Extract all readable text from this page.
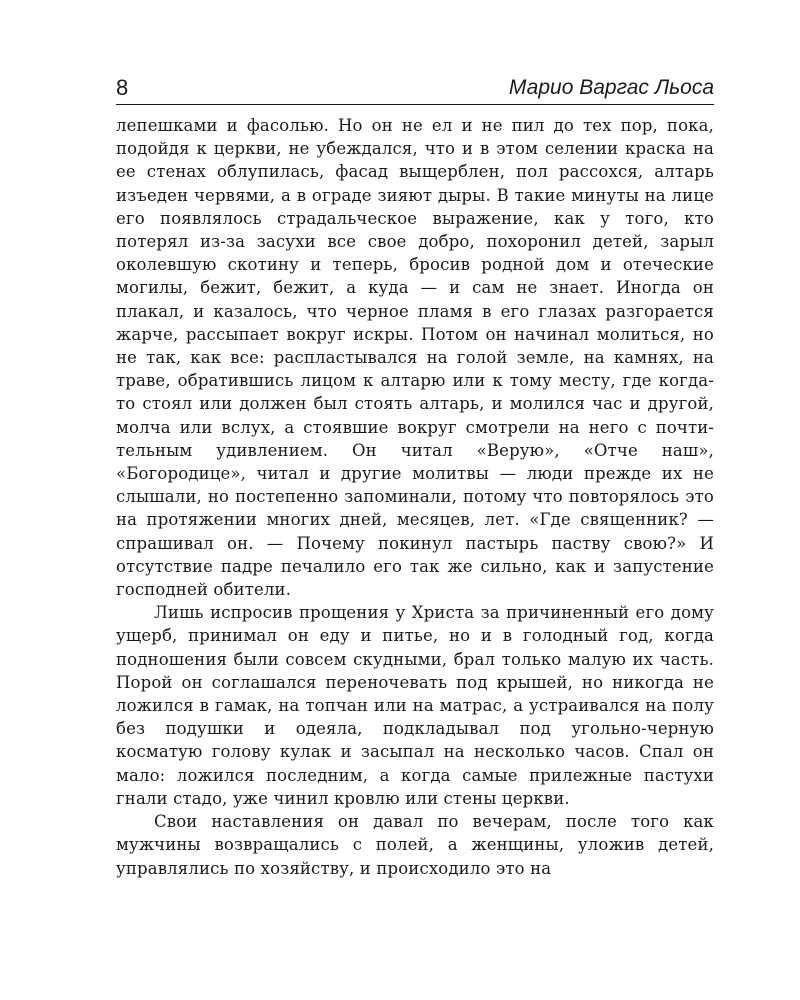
8	Марио Варгас Льоса

лепешками и фасолью. Но он не ел и не пил до тех пор, пока, подойдя к церкви, не убеждался, что и в этом селении краска на ее стенах облупилась, фасад выщерблен, пол рассохся, алтарь изъеден червями, а в ограде зияют дыры. В такие минуты на лице его появлялось страдальческое выражение, как у того, кто потерял из-за засухи все свое добро, похоронил детей, зарыл околевшую скотину и теперь, бросив родной дом и отеческие могилы, бежит, бежит, а куда — и сам не знает. Иногда он плакал, и казалось, что черное пламя в его глазах разгорается жарче, рассыпает вокруг искры. Потом он начинал молиться, но не так, как все: распластывался на голой земле, на камнях, на траве, обратившись лицом к алтарю или к тому месту, где когда-то стоял или должен был стоять алтарь, и молился час и другой, молча или вслух, а стоявшие вокруг смотрели на него с почтительным удивлением. Он читал «Верую», «Отче наш», «Богородице», читал и другие молитвы — люди прежде их не слышали, но постепенно запоминали, потому что повторялось это на протяжении многих дней, месяцев, лет. «Где священник? — спрашивал он. — Почему покинул пастырь паству свою?» И отсутствие падре печалило его так же сильно, как и запустение господней обители.

Лишь испросив прощения у Христа за причиненный его дому ущерб, принимал он еду и питье, но и в голодный год, когда подношения были совсем скудными, брал только малую их часть. Порой он соглашался переночевать под крышей, но никогда не ложился в гамак, на топчан или на матрас, а устраивался на полу без подушки и одеяла, подкладывал под угольно-черную косматую голову кулак и засыпал на несколько часов. Спал он мало: ложился последним, а когда самые прилежные пастухи гнали стадо, уже чинил кровлю или стены церкви.

Свои наставления он давал по вечерам, после того как мужчины возвращались с полей, а женщины, уложив детей, управлялись по хозяйству, и происходило это на
